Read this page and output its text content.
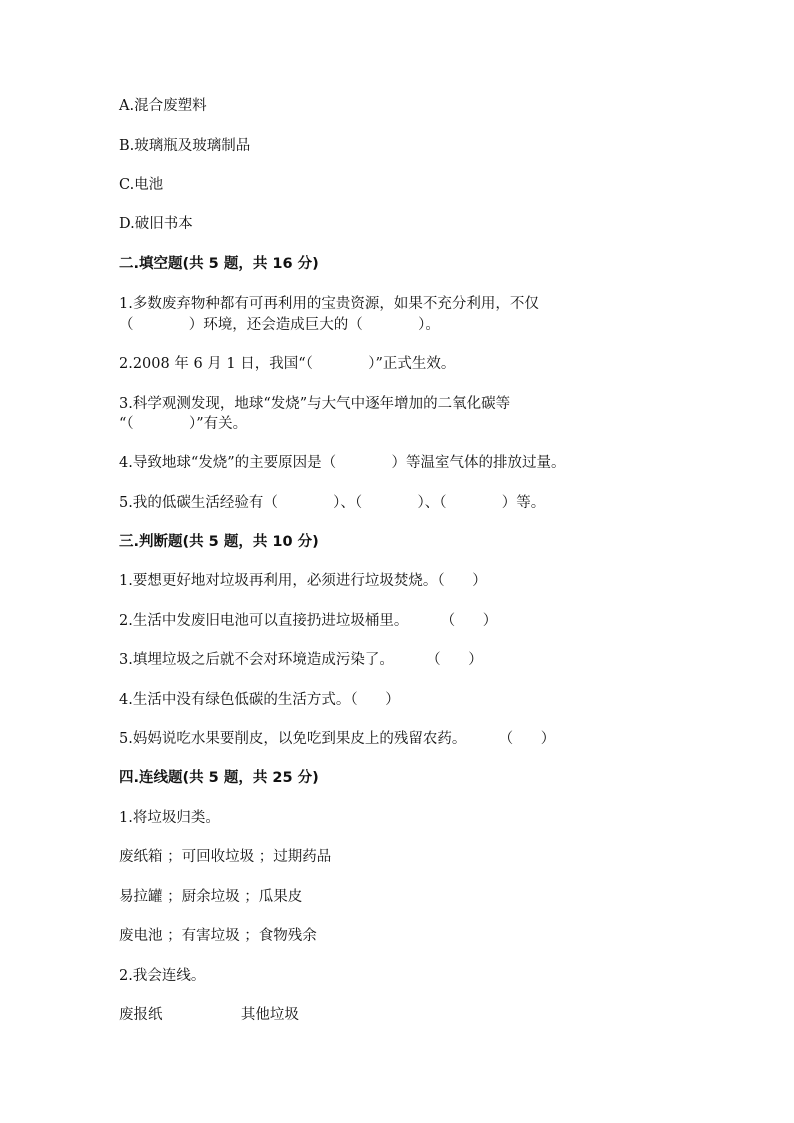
A.混合废塑料
B.玻璃瓶及玻璃制品
C.电池
D.破旧书本
二.填空题(共 5 题，共 16 分)
1.多数废弃物种都有可再利用的宝贵资源，如果不充分利用，不仅
（            ）环境，还会造成巨大的（            ）。
2.2008 年 6 月 1 日，我国“（            ）”正式生效。
3.科学观测发现，地球“发烧”与大气中逐年增加的二氧化碳等
“（            ）”有关。
4.导致地球“发烧”的主要原因是（            ）等温室气体的排放过量。
5.我的低碳生活经验有（            ）、（            ）、（            ）等。
三.判断题(共 5 题，共 10 分)
1.要想更好地对垃圾再利用，必须进行垃圾焚烧。（      ）
2.生活中发废旧电池可以直接扔进垃圾桶里。       （      ）
3.填埋垃圾之后就不会对环境造成污染了。       （      ）
4.生活中没有绿色低碳的生活方式。（      ）
5.妈妈说吃水果要削皮，以免吃到果皮上的残留农药。       （      ）
四.连线题(共 5 题，共 25 分)
1.将垃圾归类。
废纸箱 ；可回收垃圾 ；过期药品
易拉罐 ；厨余垃圾 ；瓜果皮
废电池 ；有害垃圾 ；食物残余
2.我会连线。
废报纸                 其他垃圾
